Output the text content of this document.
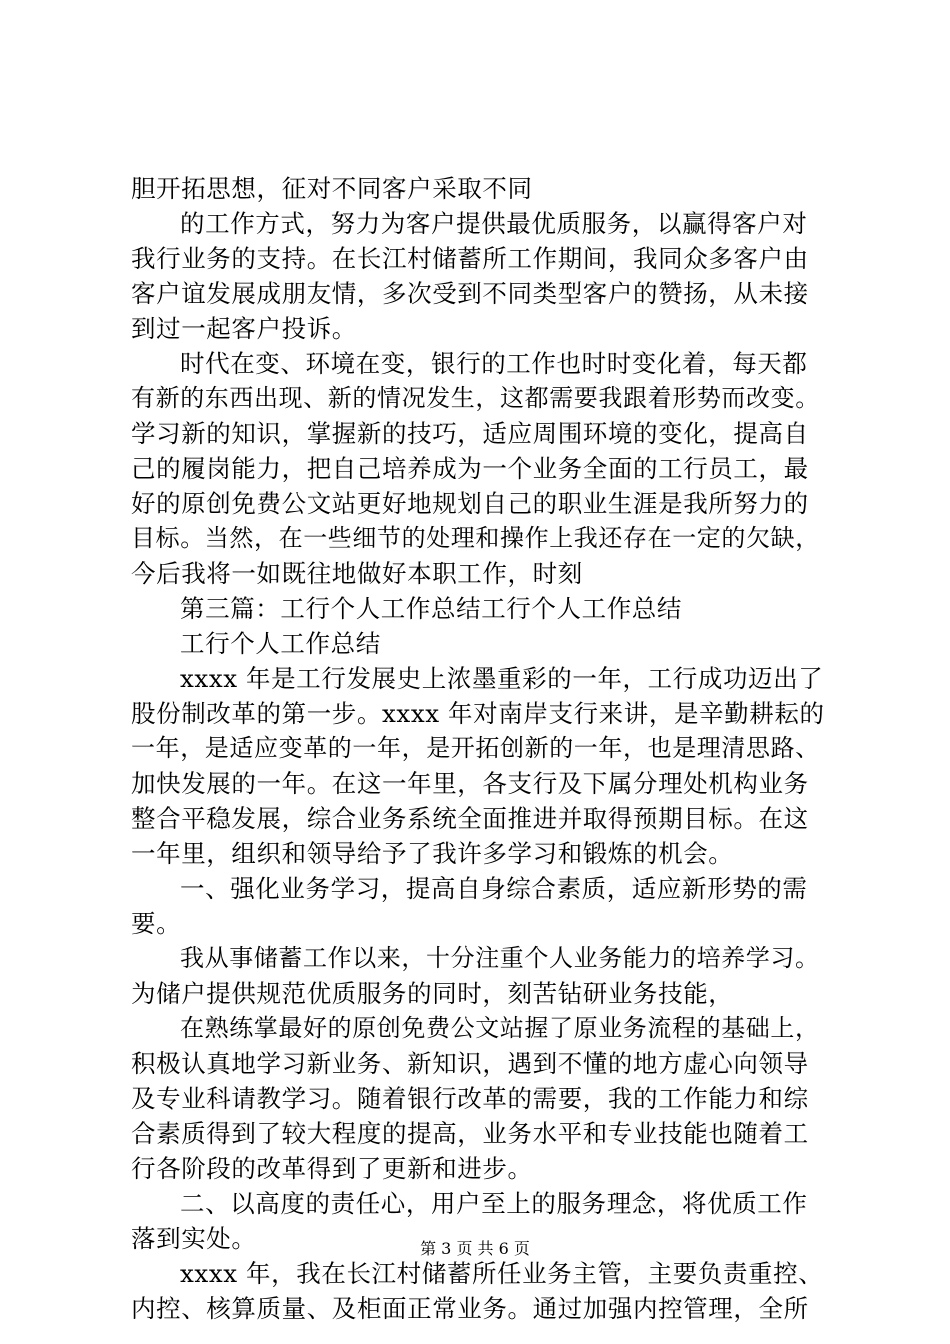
胆开拓思想，征对不同客户采取不同
的工作方式，努力为客户提供最优质服务，以赢得客户对
我行业务的支持。在长江村储蓄所工作期间，我同众多客户由
客户谊发展成朋友情，多次受到不同类型客户的赞扬，从未接
到过一起客户投诉。
时代在变、环境在变，银行的工作也时时变化着，每天都
有新的东西出现、新的情况发生，这都需要我跟着形势而改变。
学习新的知识，掌握新的技巧，适应周围环境的变化，提高自
己的履岗能力，把自己培养成为一个业务全面的工行员工，最
好的原创免费公文站更好地规划自己的职业生涯是我所努力的
目标。当然，在一些细节的处理和操作上我还存在一定的欠缺，
今后我将一如既往地做好本职工作，时刻
第三篇：工行个人工作总结工行个人工作总结
工行个人工作总结
xxxx 年是工行发展史上浓墨重彩的一年，工行成功迈出了
股份制改革的第一步。xxxx 年对南岸支行来讲，是辛勤耕耘的
一年，是适应变革的一年，是开拓创新的一年，也是理清思路、
加快发展的一年。在这一年里，各支行及下属分理处机构业务
整合平稳发展，综合业务系统全面推进并取得预期目标。在这
一年里，组织和领导给予了我许多学习和锻炼的机会。
一、强化业务学习，提高自身综合素质，适应新形势的需
要。
我从事储蓄工作以来，十分注重个人业务能力的培养学习。
为储户提供规范优质服务的同时，刻苦钻研业务技能，
在熟练掌最好的原创免费公文站握了原业务流程的基础上，
积极认真地学习新业务、新知识，遇到不懂的地方虚心向领导
及专业科请教学习。随着银行改革的需要，我的工作能力和综
合素质得到了较大程度的提高，业务水平和专业技能也随着工
行各阶段的改革得到了更新和进步。
二、以高度的责任心，用户至上的服务理念，将优质工作
落到实处。
xxxx 年，我在长江村储蓄所任业务主管，主要负责重控、
内控、核算质量、及柜面正常业务。通过加强内控管理，全所
第 3 页 共 6 页
